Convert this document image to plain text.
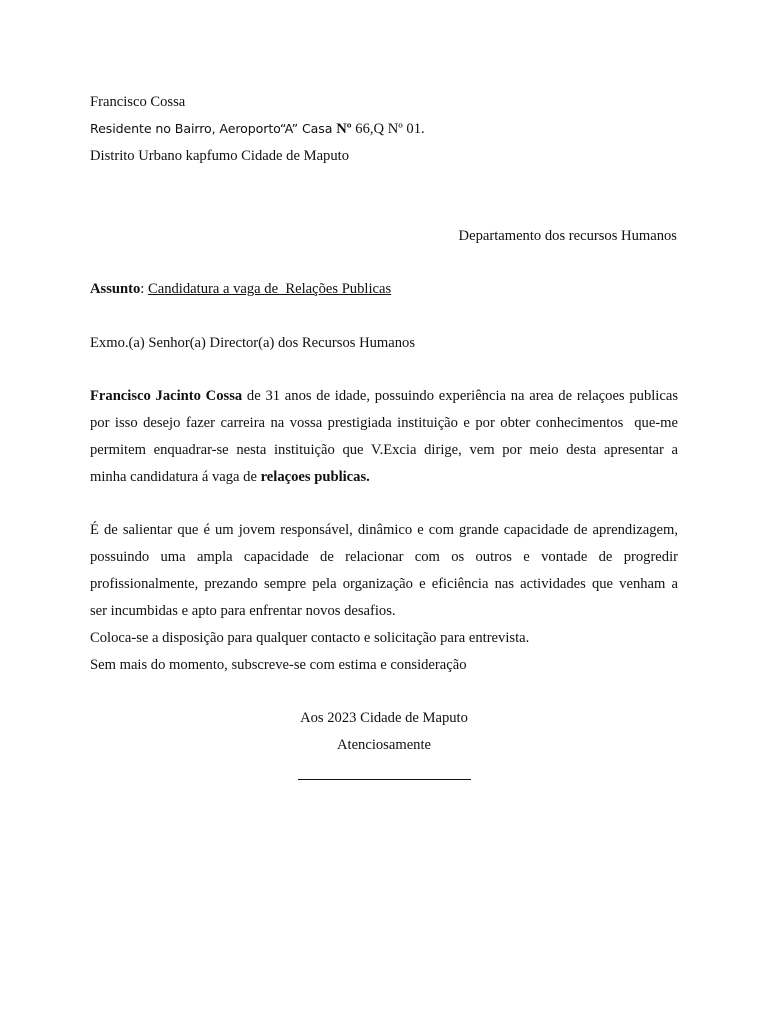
Francisco Cossa
Residente no Bairro, Aeroporto“A” Casa Nº 66,Q Nº 01.
Distrito Urbano kapfumo Cidade de Maputo
Departamento dos recursos Humanos
Assunto: Candidatura a vaga de  Relações Publicas
Exmo.(a) Senhor(a) Director(a) dos Recursos Humanos
Francisco Jacinto Cossa de 31 anos de idade, possuindo experiência na area de relaçoes publicas
por isso desejo fazer carreira na vossa prestigiada instituição e por obter conhecimentos  que-me
permitem enquadrar-se nesta instituição que V.Excia dirige, vem por meio desta apresentar a
minha candidatura á vaga de relaçoes publicas.
É de salientar que é um jovem responsável, dinâmico e com grande capacidade de aprendizagem,
possuindo uma ampla capacidade de relacionar com os outros e vontade de progredir
profissionalmente, prezando sempre pela organização e eficiência nas actividades que venham a
ser incumbidas e apto para enfrentar novos desafios.
Coloca-se a disposição para qualquer contacto e solicitação para entrevista.
Sem mais do momento, subscreve-se com estima e consideração
Aos 2023 Cidade de Maputo
Atenciosamente
